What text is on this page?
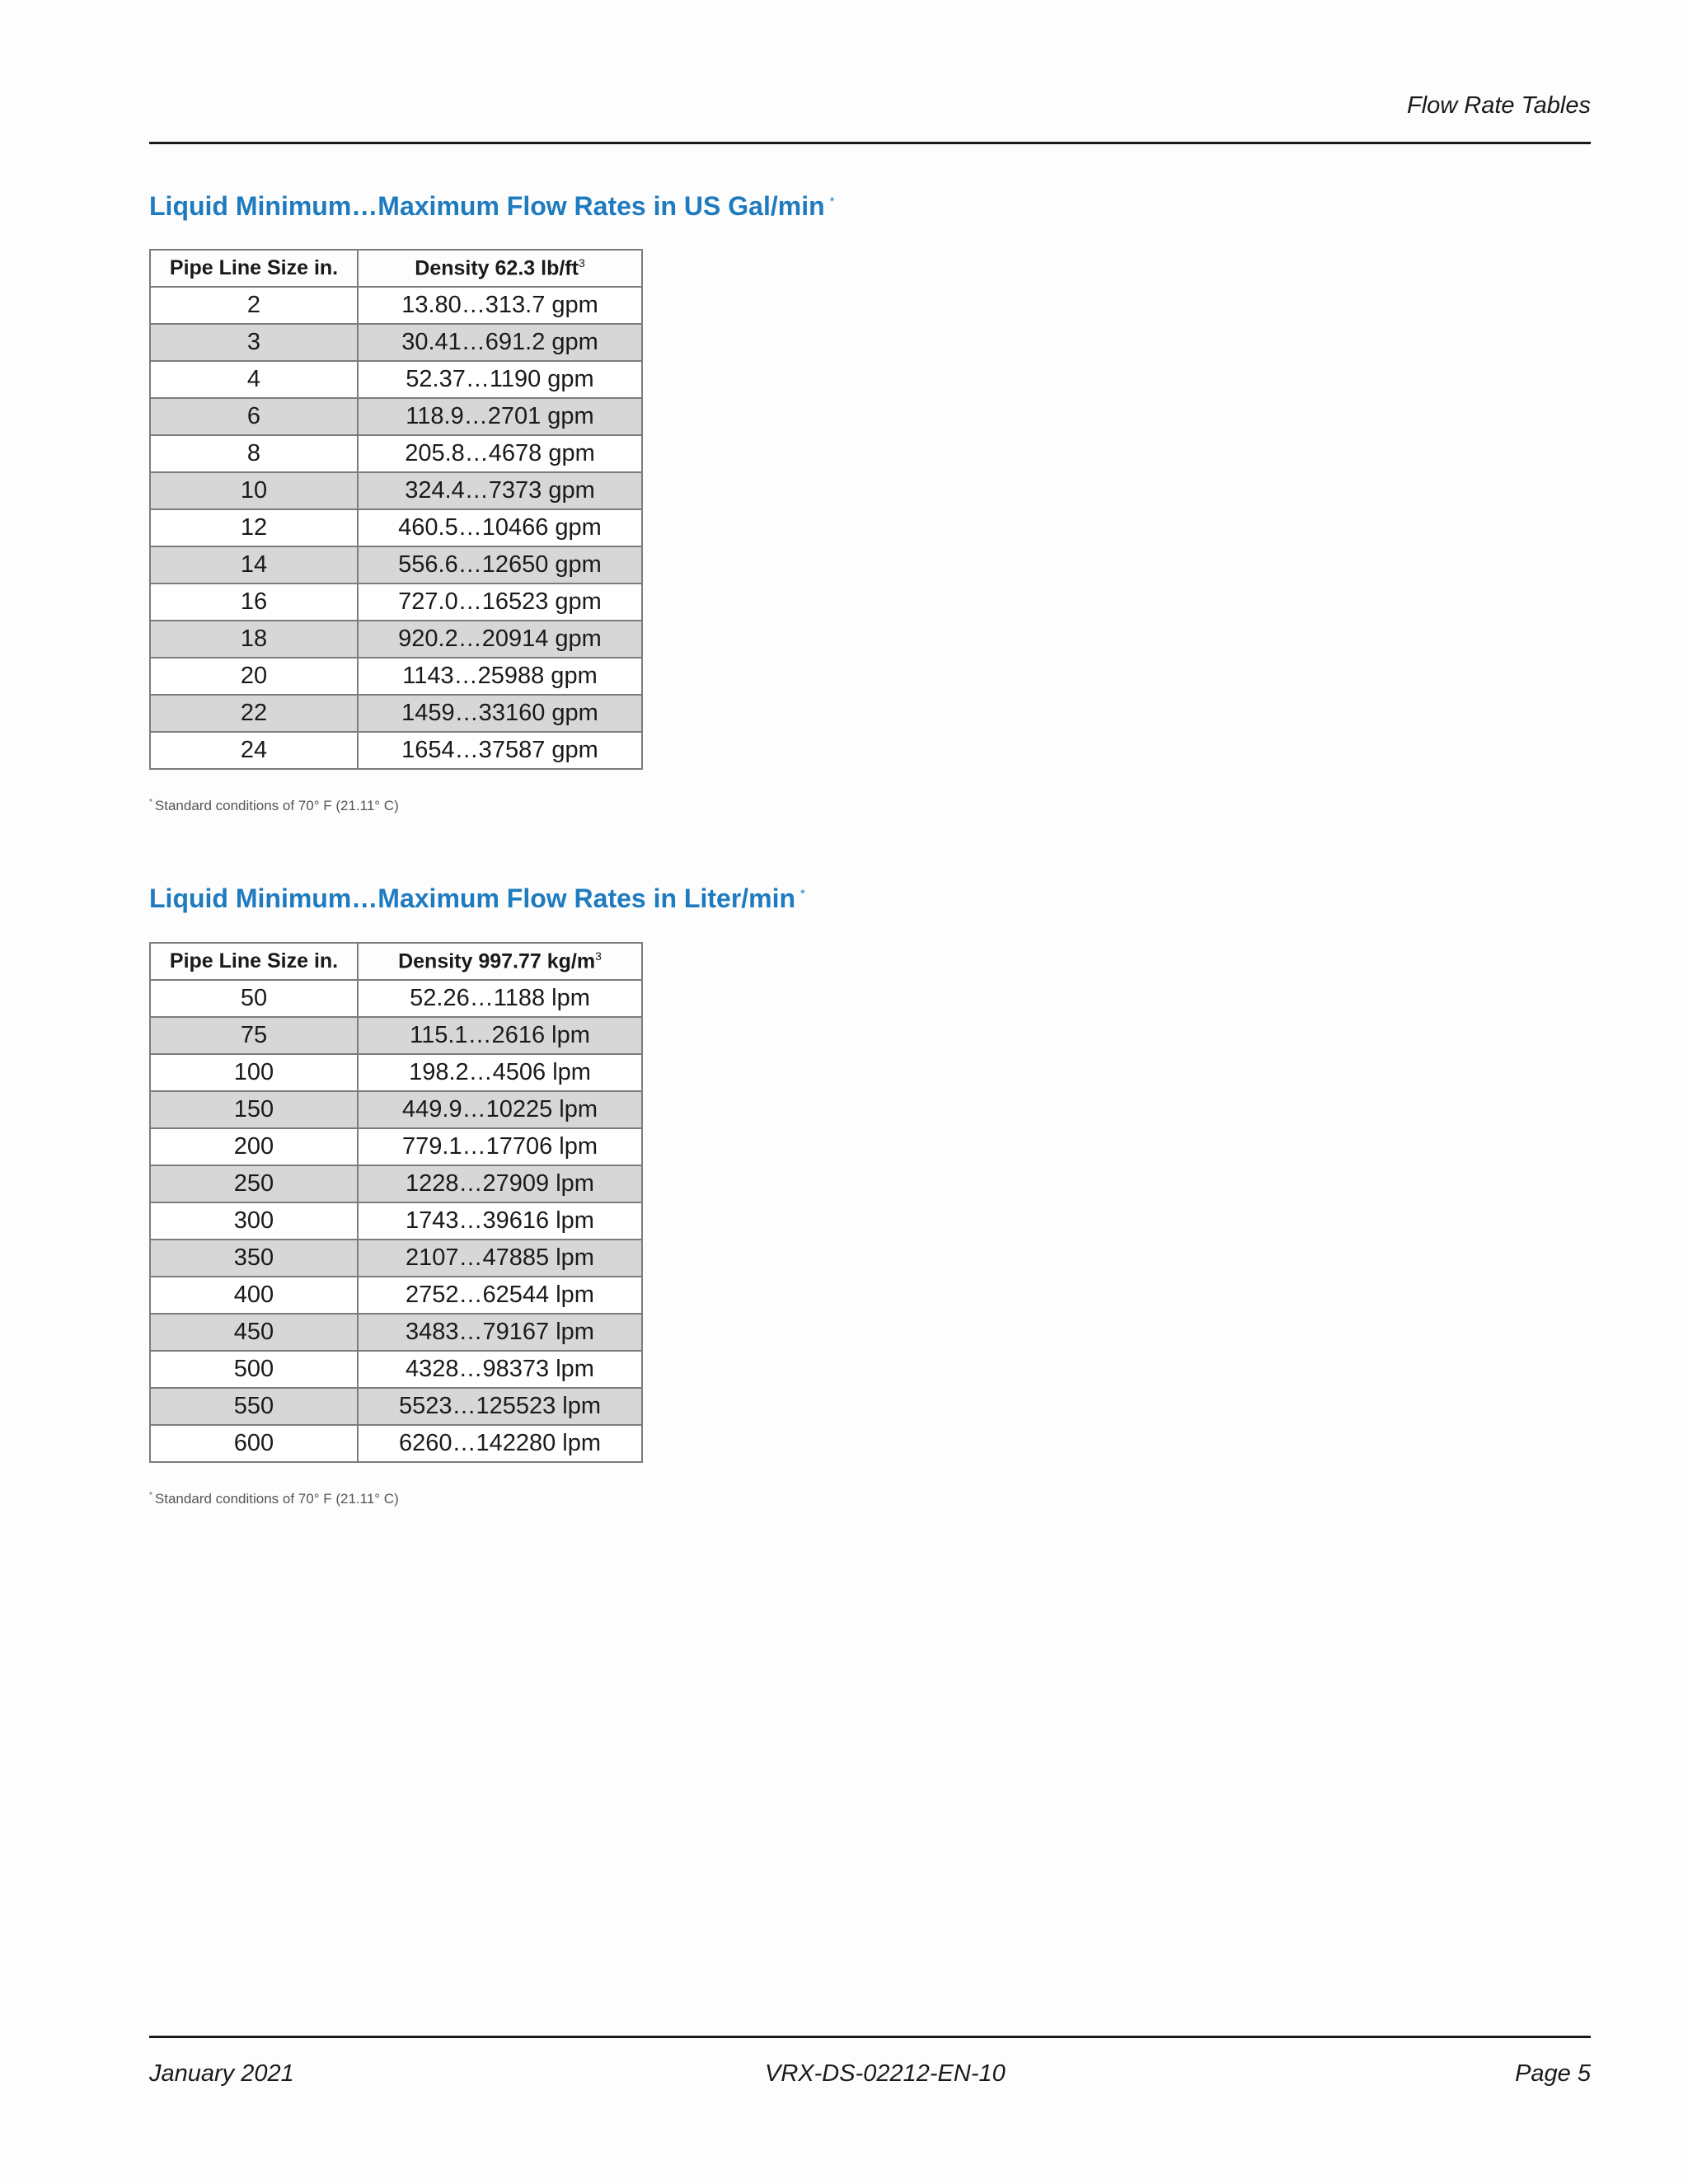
Flow Rate Tables
Liquid Minimum…Maximum Flow Rates in US Gal/min *
Pipe Line Size in.	Density 62.3 $lb/ft^3$
2	13.80…313.7 gpm
3	30.41…691.2 gpm
4	52.37…1190 gpm
6	118.9…2701 gpm
8	205.8…4678 gpm
10	324.4…7373 gpm
12	460.5…10466 gpm
14	556.6…12650 gpm
16	727.0…16523 gpm
18	920.2…20914 gpm
20	1143…25988 gpm
22	1459…33160 gpm
24	1654…37587 gpm
* Standard conditions of 70° F (21.11° C)
Liquid Minimum…Maximum Flow Rates in Liter/min *
Pipe Line Size in.	Density 997.77 $kg/m^3$
50	52.26…1188 lpm
75	115.1…2616 lpm
100	198.2…4506 lpm
150	449.9…10225 lpm
200	779.1…17706 lpm
250	1228…27909 lpm
300	1743…39616 lpm
350	2107…47885 lpm
400	2752…62544 lpm
450	3483…79167 lpm
500	4328…98373 lpm
550	5523…125523 lpm
600	6260…142280 lpm
* Standard conditions of 70° F (21.11° C)
January 2021	VRX-DS-02212-EN-10	Page 5
